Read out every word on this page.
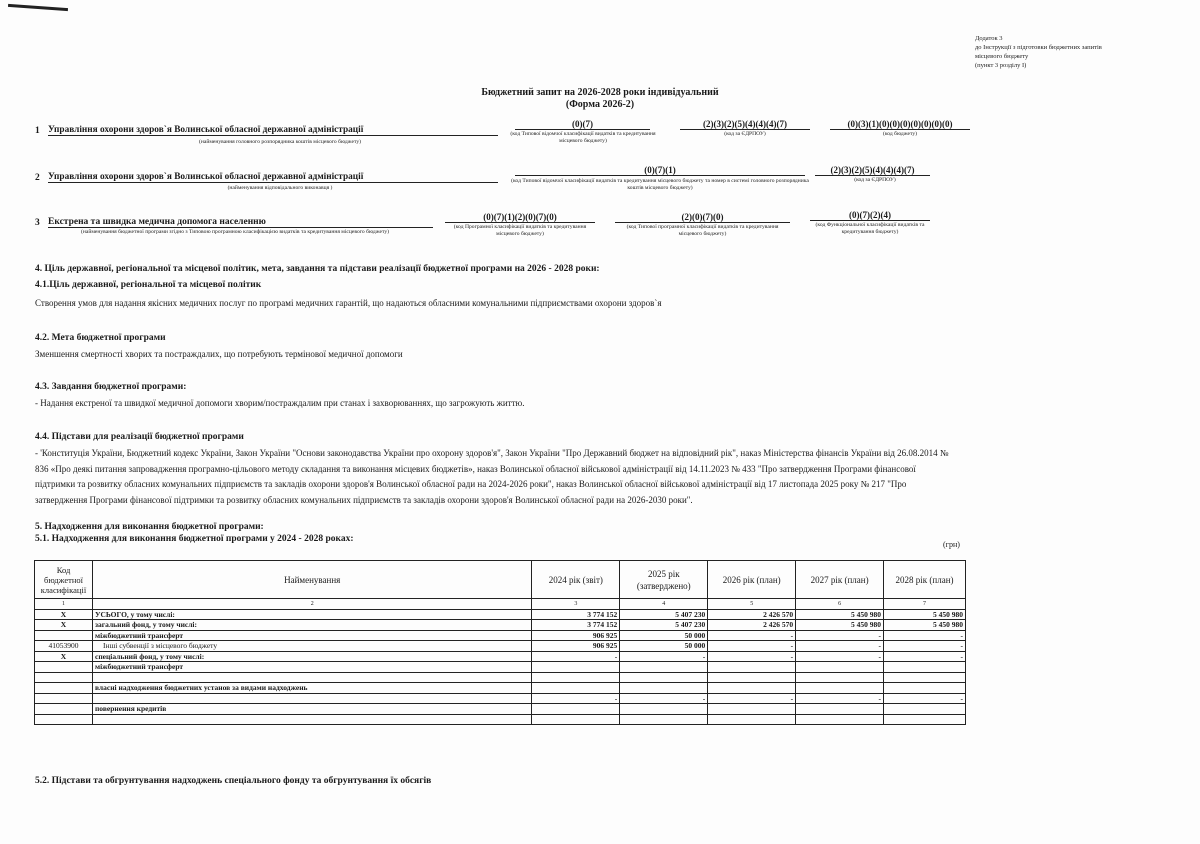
Додаток 3
до Інструкції з підготовки бюджетних запитів
місцевого бюджету
(пункт 3 розділу I)
Бюджетний запит на 2026-2028 роки індивідуальний
(Форма 2026-2)
1 Управління охорони здоров`я Волинської обласної державної адміністрації
(найменування головного розпорядника коштів місцевого бюджету)
(0)(7)
(код Типової відомчої класифікації видатків та кредитування місцевого бюджету)
(2)(3)(2)(5)(4)(4)(4)(7)
(код за ЄДРПОУ)
(0)(3)(1)(0)(0)(0)(0)(0)(0)(0)
(код бюджету)
2 Управління охорони здоров`я Волинської обласної державної адміністрації
(найменування відповідального виконавця )
(0)(7)(1)
(код Типової відомчої класифікації видатків та кредитування місцевого бюджету та номер в системі головного розпорядника коштів місцевого бюджету)
(2)(3)(2)(5)(4)(4)(4)(7)
(код за ЄДРПОУ)
3 Екстрена та швидка медична допомога населенню
(найменування бюджетної програми згідно з Типовою програмною класифікацією видатків та кредитування місцевого бюджету)
(0)(7)(1)(2)(0)(7)(0)
(код Програмної класифікації видатків та кредитування місцевого бюджету)
(2)(0)(7)(0)
(код Типової програмної класифікації видатків та кредитування місцевого бюджету)
(0)(7)(2)(4)
(код Функціональної класифікації видатків та кредитування бюджету)
4. Ціль державної, регіональної та місцевої політик, мета, завдання та підстави реалізації бюджетної програми на 2026 - 2028 роки:
4.1.Ціль державної, регіональної та місцевої політик
Створення умов для надання якісних медичних послуг по програмі медичних гарантій, що надаються обласними комунальними підприємствами охорони здоров`я
4.2. Мета бюджетної програми
Зменшення смертності хворих та постраждалих, що потребують термінової медичної допомоги
4.3. Завдання бюджетної програми:
- Надання екстреної та швидкої медичної допомоги хворим/постраждалим при станах і захворюваннях, що загрожують життю.
4.4. Підстави для реалізації бюджетної програми
- 'Конституція України, Бюджетний кодекс України, Закон України "Основи законодавства України про охорону здоров'я", Закон України "Про Державний бюджет на відповідний рік", наказ Міністерства фінансів України від 26.08.2014 № 836 «Про деякі питання запровадження програмно-цільового методу складання та виконання місцевих бюджетів», наказ Волинської обласної військової адміністрації від 14.11.2023 № 433 "Про затвердження Програми фінансової підтримки та розвитку обласних комунальних підприємств та закладів охорони здоров'я Волинської обласної ради на 2024-2026 роки", наказ Волинської обласної військової адміністрації від 17 листопада 2025 року № 217 "Про затвердження Програми фінансової підтримки та розвитку обласних комунальних підприємств та закладів охорони здоров'я Волинської обласної ради на 2026-2030 роки".
5. Надходження для виконання бюджетної програми:
5.1. Надходження для виконання бюджетної програми у 2024 - 2028 роках:
(грн)
Код бюджетної класифікації	Найменування	2024 рік (звіт)	2025 рік (затверджено)	2026 рік (план)	2027 рік (план)	2028 рік (план)
1	2	3	4	5	6	7
X	УСЬОГО, у тому числі:	3 774 152	5 407 230	2 426 570	5 450 980	5 450 980
X	загальний фонд, у тому числі:	3 774 152	5 407 230	2 426 570	5 450 980	5 450 980
	міжбюджетний трансферт	906 925	50 000	-	-	-
41053900	Інші субвенції з місцевого бюджету	906 925	50 000	-	-	-
X	спеціальний фонд, у тому числі:	-	-	-	-	-
	міжбюджетний трансферт					

	власні надходження бюджетних установ за видами надходжень					
		-	-	-	-	-
	повернення кредитів					

5.2. Підстави та обгрунтування надходжень спеціального фонду та обгрунтування їх обсягів
